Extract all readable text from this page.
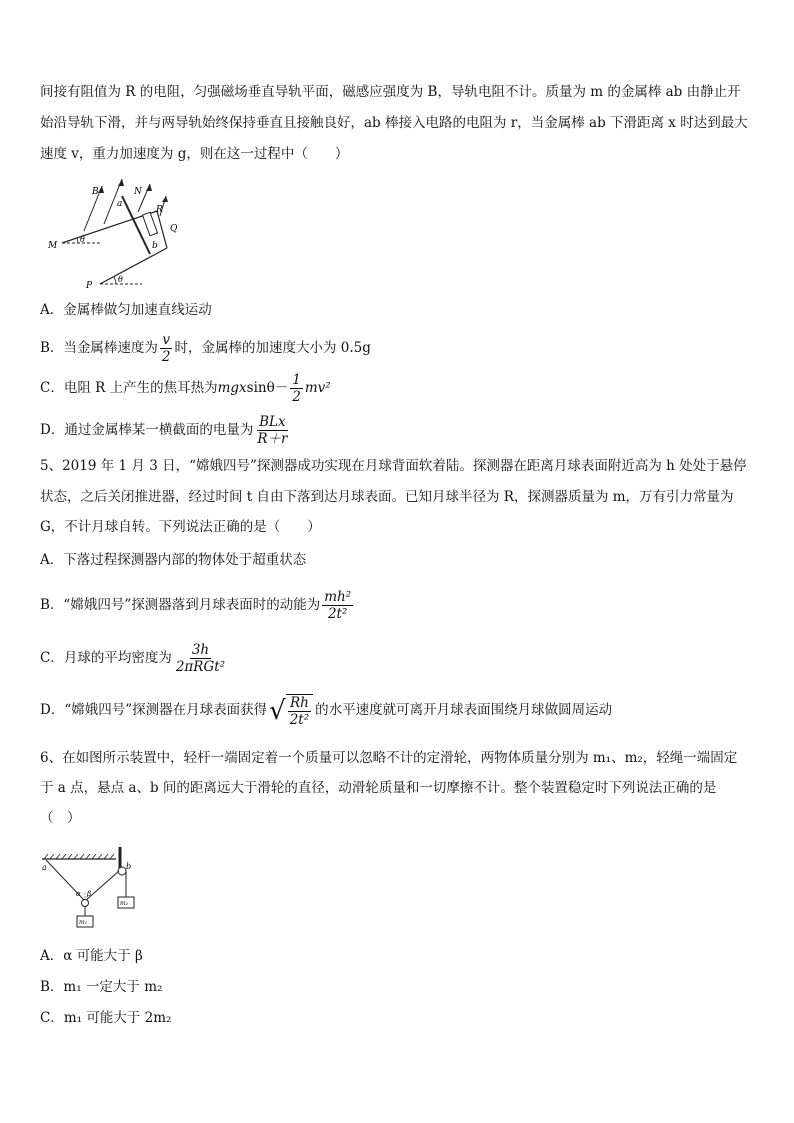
间接有阻值为 R 的电阻，匀强磁场垂直导轨平面，磁感应强度为 B，导轨电阻不计。质量为 m 的金属棒 ab 由静止开
始沿导轨下滑，并与两导轨始终保持垂直且接触良好，ab 棒接入电路的电阻为 r，当金属棒 ab 下滑距离 x 时达到最大
速度 v，重力加速度为 g，则在这一过程中（　　）
B	N
a
R
b
Q
M
P
θ
θ
A．金属棒做匀加速直线运动
B．当金属棒速度为 $\frac{v}{2}$ 时，金属棒的加速度大小为 0.5g
C．电阻 R 上产生的焦耳热为$mgxsin\theta- \frac{1}{2} mv^2$
D．通过金属棒某一横截面的电量为 $\frac{\text{BLx}}{R+r}$
5、2019 年 1 月 3 日，“嫦娥四号”探测器成功实现在月球背面软着陆。探测器在距离月球表面附近高为 h 处处于悬停
状态，之后关闭推进器，经过时间 t 自由下落到达月球表面。已知月球半径为 R，探测器质量为 m，万有引力常量为
G，不计月球自转。下列说法正确的是（　　）
A．下落过程探测器内部的物体处于超重状态
B．“嫦娥四号”探测器落到月球表面时的动能为 $\frac{\text{mh²}}{\text{2t²}}$
C．月球的平均密度为 $\frac{3h}{\text{2πRGt²}}$
D．“嫦娥四号”探测器在月球表面获得 √ $\frac{Rh}{\text{2t²}}$ 的水平速度就可离开月球表面围绕月球做圆周运动
6、在如图所示装置中，轻杆一端固定着一个质量可以忽略不计的定滑轮，两物体质量分别为 m₁、m₂，轻绳一端固定
于 a 点，悬点 a、b 间的距离远大于滑轮的直径，动滑轮质量和一切摩擦不计。整个装置稳定时下列说法正确的是
（　）
a	b
α β
m₁
m₂
A．α 可能大于 β
B．m₁ 一定大于 m₂
C．m₁ 可能大于 2m₂
